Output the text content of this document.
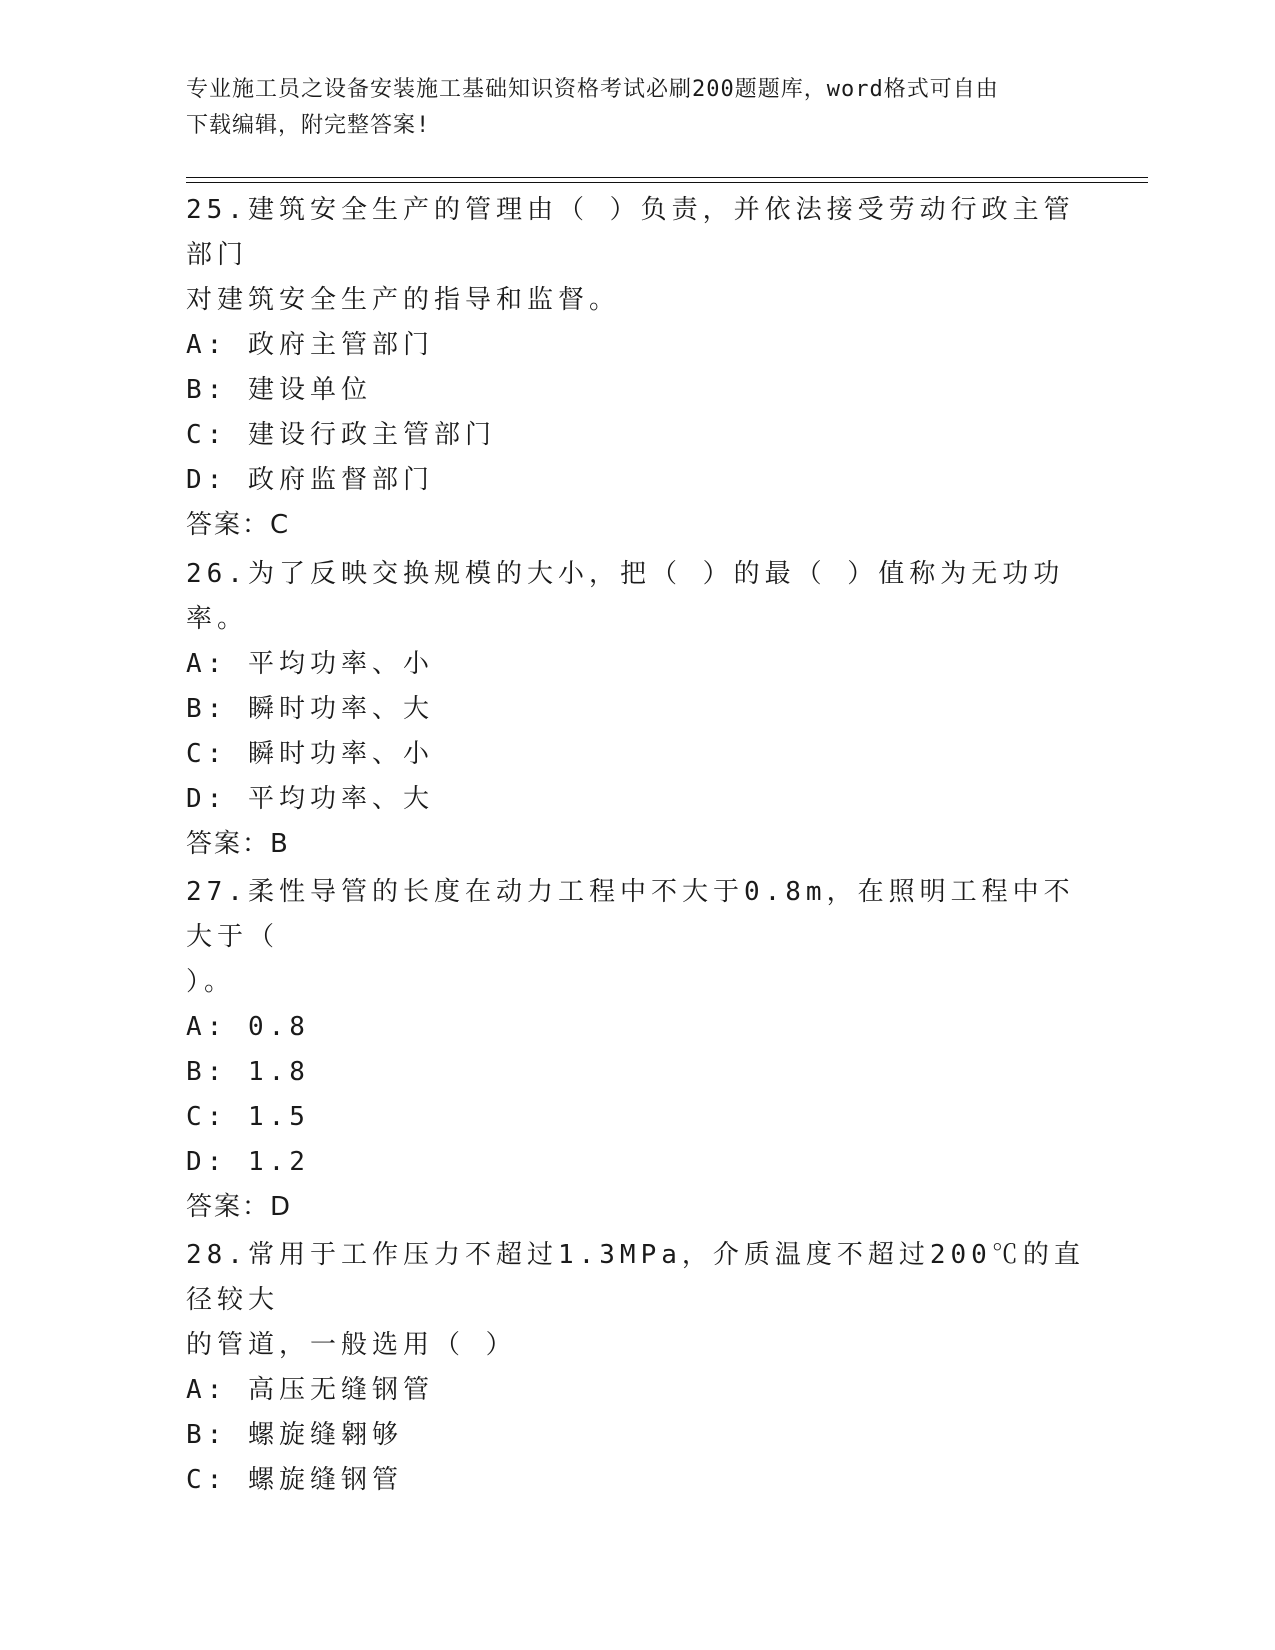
专业施工员之设备安装施工基础知识资格考试必刷200题题库，word格式可自由
下载编辑，附完整答案!
25.建筑安全生产的管理由（ ）负责，并依法接受劳动行政主管部门
对建筑安全生产的指导和监督。
A: 政府主管部门
B: 建设单位
C: 建设行政主管部门
D: 政府监督部门
答案：C
26.为了反映交换规模的大小，把（ ）的最（ ）值称为无功功率。
A: 平均功率、小
B: 瞬时功率、大
C: 瞬时功率、小
D: 平均功率、大
答案：B
27.柔性导管的长度在动力工程中不大于0.8m，在照明工程中不大于（
）。
A: 0.8
B: 1.8
C: 1.5
D: 1.2
答案：D
28.常用于工作压力不超过1.3MPa，介质温度不超过200℃的直径较大
的管道，一般选用（ ）
A: 高压无缝钢管
B: 螺旋缝翱够
C: 螺旋缝钢管
